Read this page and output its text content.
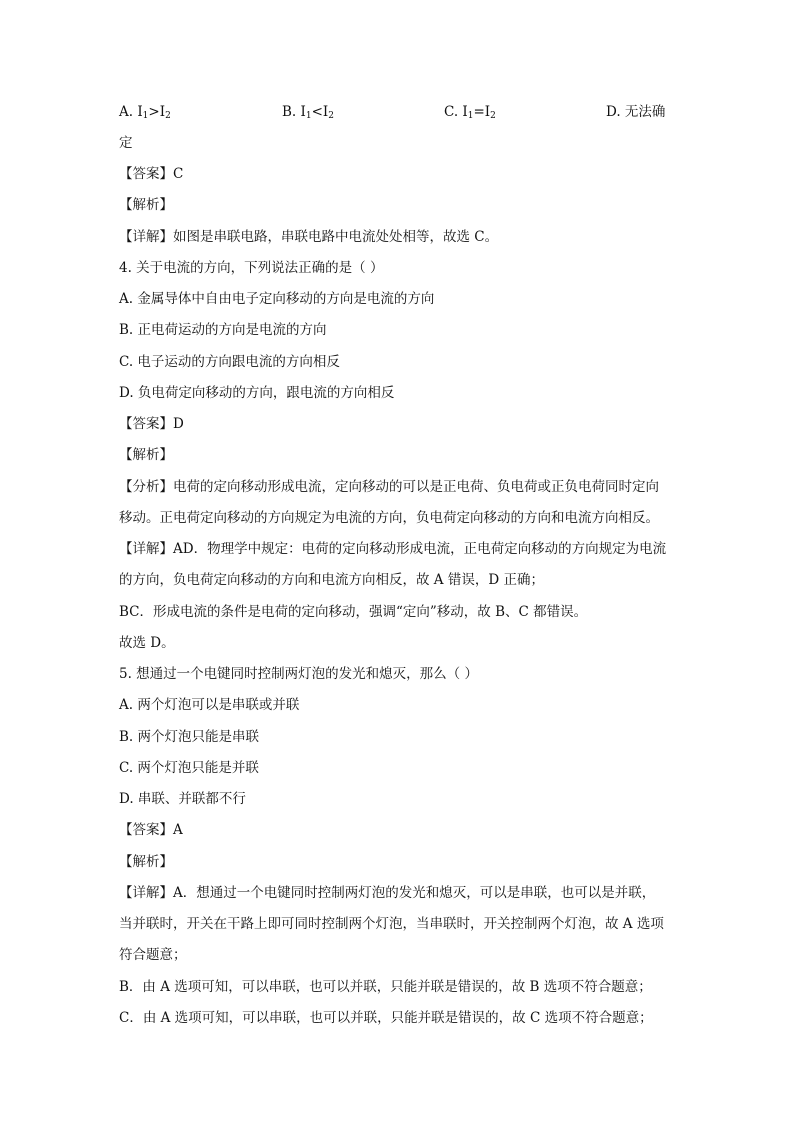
A. $I_1>I_2$	B. $I_1<I_2$	C. $I_1=I_2$	D. 无法确
定
【答案】C
【解析】
【详解】如图是串联电路，串联电路中电流处处相等，故选 C。
4. 关于电流的方向，下列说法正确的是（ ）
A. 金属导体中自由电子定向移动的方向是电流的方向
B. 正电荷运动的方向是电流的方向
C. 电子运动的方向跟电流的方向相反
D. 负电荷定向移动的方向，跟电流的方向相反
【答案】D
【解析】
【分析】电荷的定向移动形成电流，定向移动的可以是正电荷、负电荷或正负电荷同时定向
移动。正电荷定向移动的方向规定为电流的方向，负电荷定向移动的方向和电流方向相反。
【详解】AD．物理学中规定：电荷的定向移动形成电流，正电荷定向移动的方向规定为电流
的方向，负电荷定向移动的方向和电流方向相反，故 A 错误，D 正确；
BC．形成电流的条件是电荷的定向移动，强调“定向”移动，故 B、C 都错误。
故选 D。
5. 想通过一个电键同时控制两灯泡的发光和熄灭，那么（ ）
A. 两个灯泡可以是串联或并联
B. 两个灯泡只能是串联
C. 两个灯泡只能是并联
D. 串联、并联都不行
【答案】A
【解析】
【详解】A．想通过一个电键同时控制两灯泡的发光和熄灭，可以是串联，也可以是并联，
当并联时，开关在干路上即可同时控制两个灯泡，当串联时，开关控制两个灯泡，故 A 选项
符合题意；
B．由 A 选项可知，可以串联，也可以并联，只能并联是错误的，故 B 选项不符合题意；
C．由 A 选项可知，可以串联，也可以并联，只能并联是错误的，故 C 选项不符合题意；
